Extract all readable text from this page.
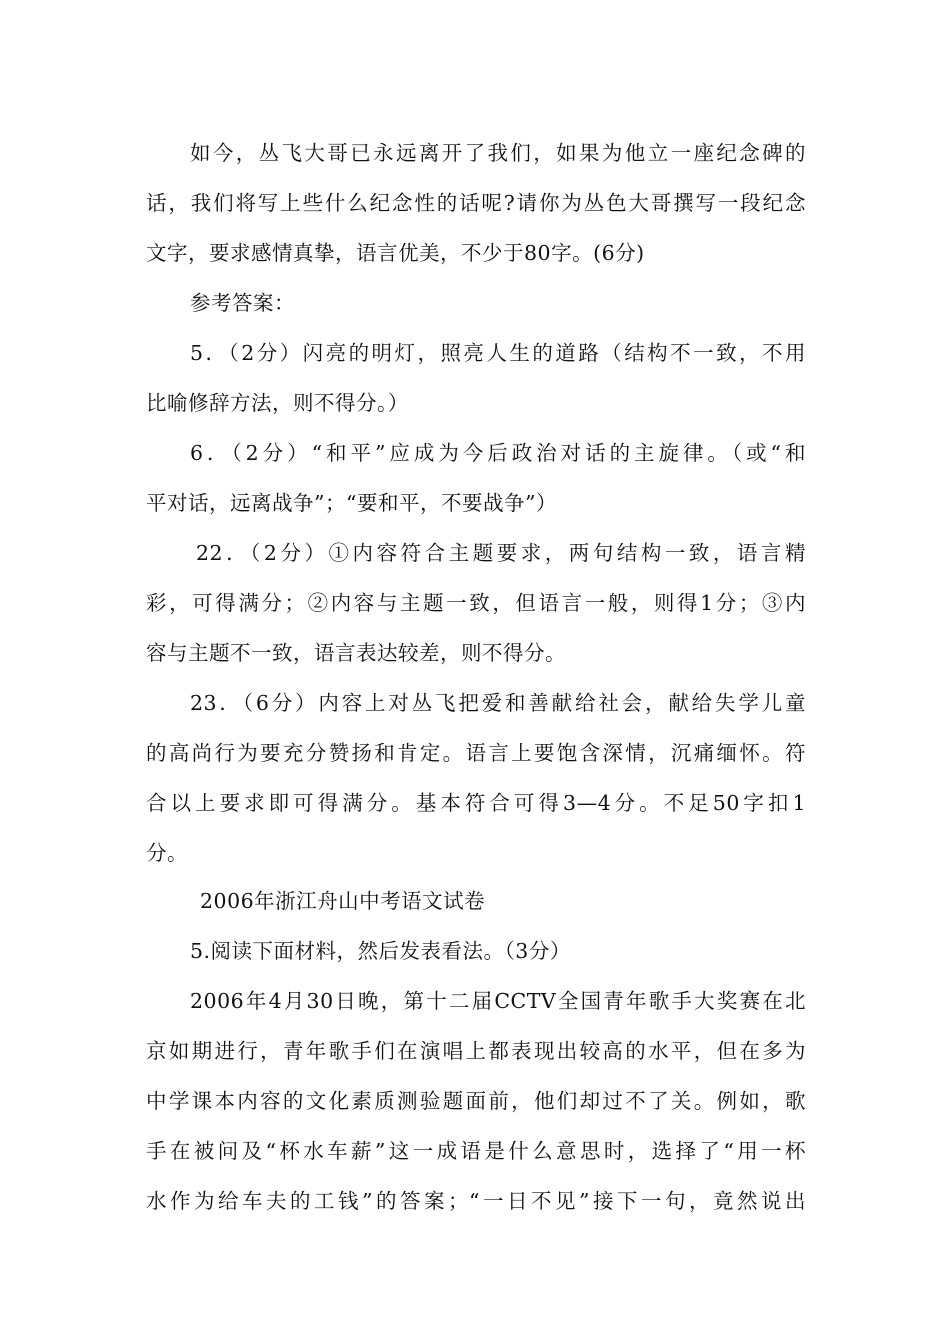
如今，丛飞大哥已永远离开了我们，如果为他立一座纪念碑的
话，我们将写上些什么纪念性的话呢?请你为丛色大哥撰写一段纪念
文字，要求感情真挚，语言优美，不少于80字。(6分)
参考答案：
5．（2分）闪亮的明灯，照亮人生的道路（结构不一致，不用
比喻修辞方法，则不得分。）
6．（2分）“和平”应成为今后政治对话的主旋律。（或“和
平对话，远离战争”；“要和平，不要战争”）
22．（2分）①内容符合主题要求，两句结构一致，语言精
彩，可得满分；②内容与主题一致，但语言一般，则得1分；③内
容与主题不一致，语言表达较差，则不得分。
23．（6分）内容上对丛飞把爱和善献给社会，献给失学儿童
的高尚行为要充分赞扬和肯定。语言上要饱含深情，沉痛缅怀。符
合以上要求即可得满分。基本符合可得3—4分。不足50字扣1
分。
2006年浙江舟山中考语文试卷
5.阅读下面材料，然后发表看法。（3分）
2006年4月30日晚，第十二届CCTV全国青年歌手大奖赛在北
京如期进行，青年歌手们在演唱上都表现出较高的水平，但在多为
中学课本内容的文化素质测验题面前，他们却过不了关。例如，歌
手在被问及“杯水车薪”这一成语是什么意思时，选择了“用一杯
水作为给车夫的工钱”的答案；“一日不见”接下一句，竟然说出
